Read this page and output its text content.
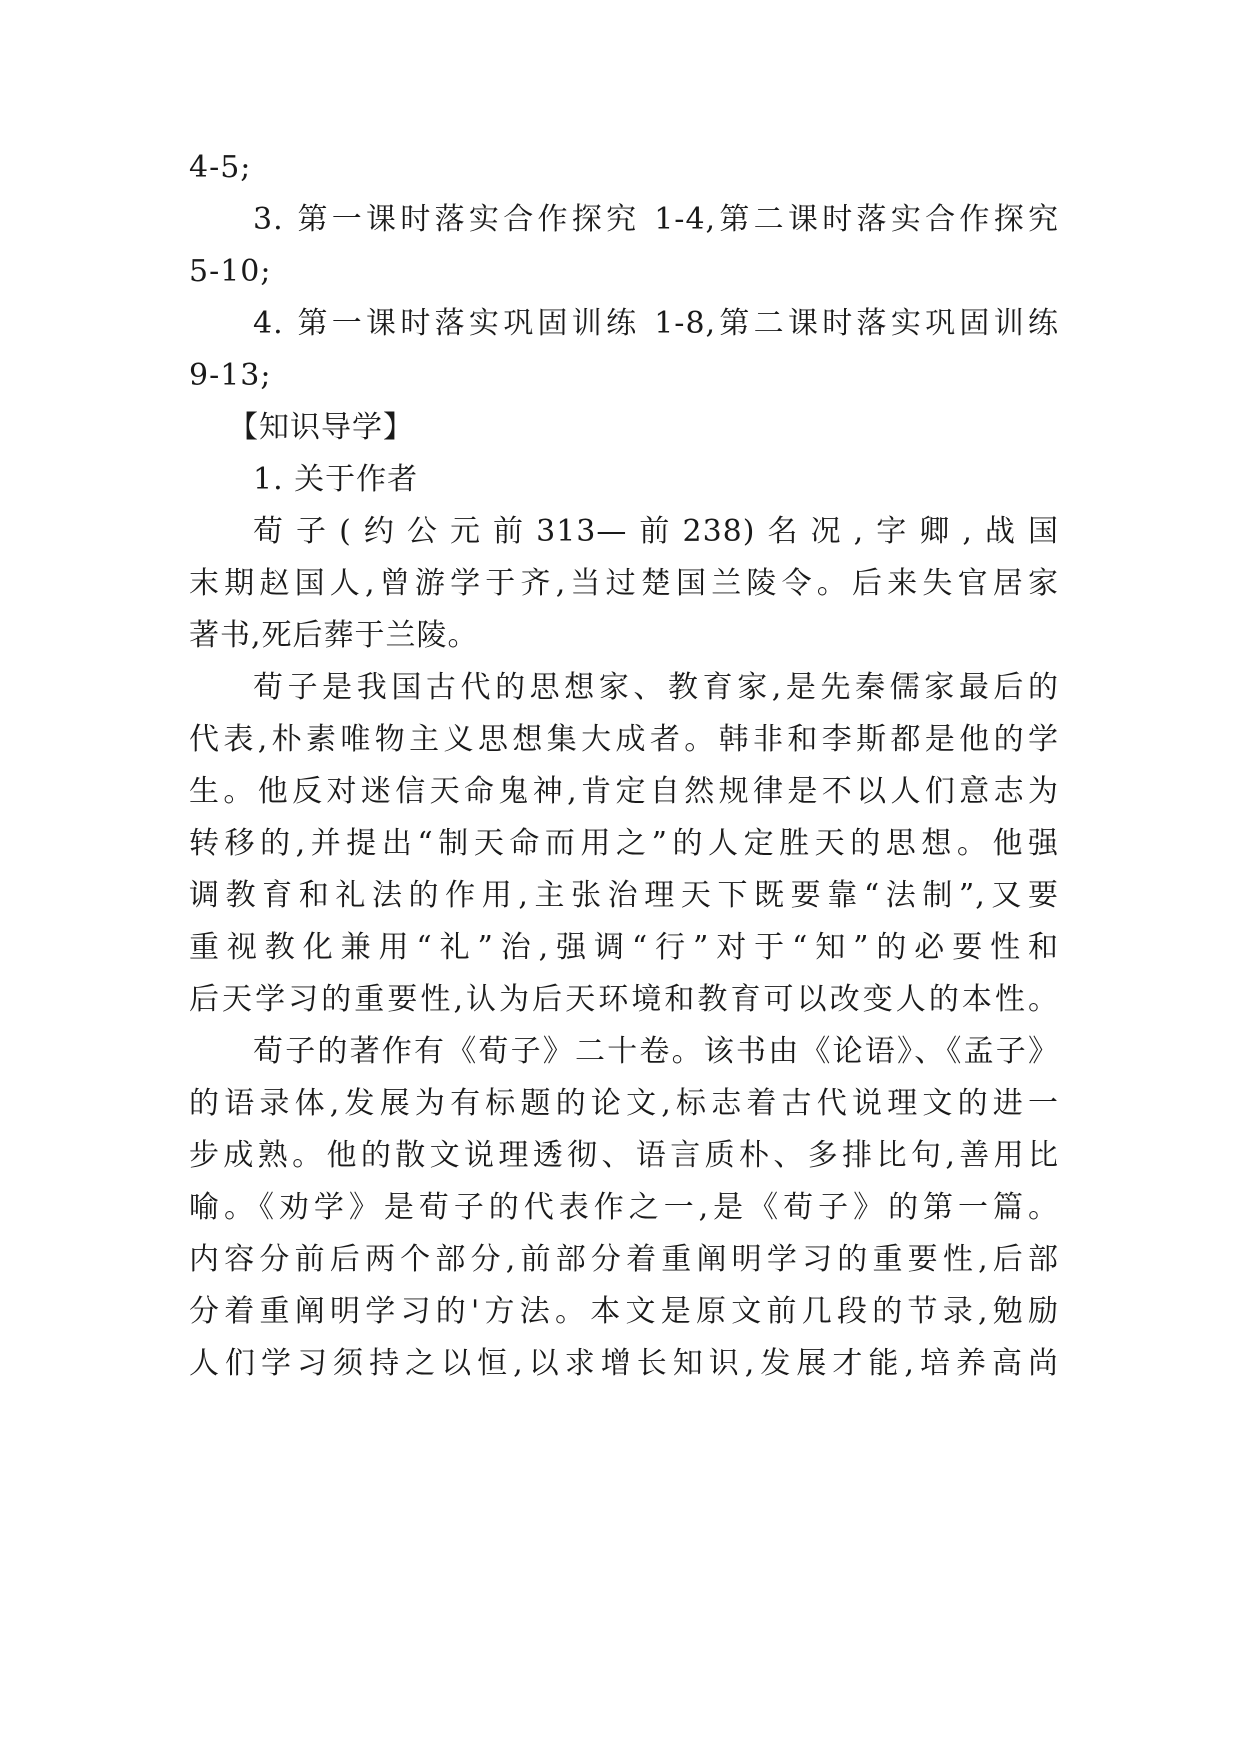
4-5;
3. 第一课时落实合作探究 1-4,第二课时落实合作探究
5-10;
4. 第一课时落实巩固训练 1-8,第二课时落实巩固训练
9-13;
【知识导学】
1. 关于作者
荀子(约公元前313—前238)名况,字卿,战国
末期赵国人,曾游学于齐,当过楚国兰陵令。后来失官居家
著书,死后葬于兰陵。
荀子是我国古代的思想家、教育家,是先秦儒家最后的
代表,朴素唯物主义思想集大成者。韩非和李斯都是他的学
生。他反对迷信天命鬼神,肯定自然规律是不以人们意志为
转移的,并提出“制天命而用之”的人定胜天的思想。他强
调教育和礼法的作用,主张治理天下既要靠“法制”,又要
重视教化兼用“礼”治,强调“行”对于“知”的必要性和
后天学习的重要性,认为后天环境和教育可以改变人的本性。
荀子的著作有《荀子》二十卷。该书由《论语》、《孟子》
的语录体,发展为有标题的论文,标志着古代说理文的进一
步成熟。他的散文说理透彻、语言质朴、多排比句,善用比
喻。《劝学》是荀子的代表作之一,是《荀子》的第一篇。
内容分前后两个部分,前部分着重阐明学习的重要性,后部
分着重阐明学习的'方法。本文是原文前几段的节录,勉励
人们学习须持之以恒,以求增长知识,发展才能,培养高尚
